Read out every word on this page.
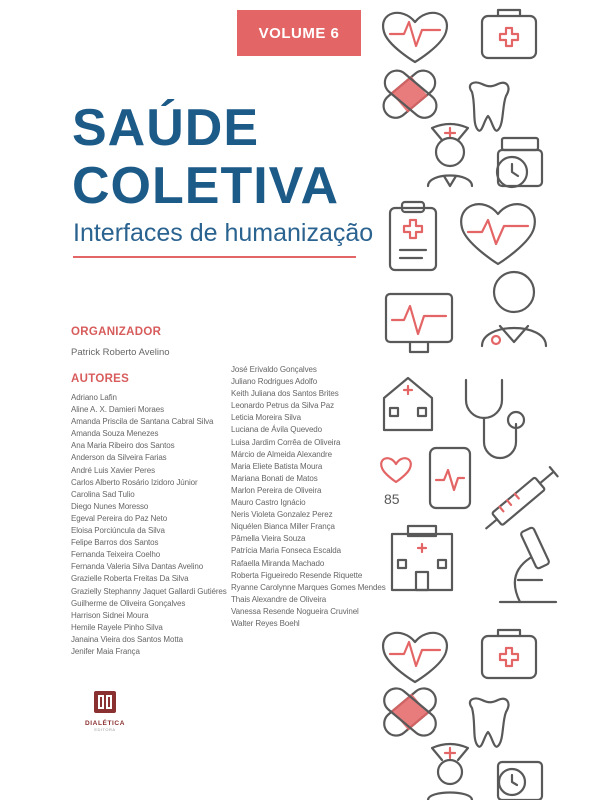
VOLUME 6
SAÚDE
COLETIVA
Interfaces de humanização
ORGANIZADOR
Patrick Roberto Avelino
AUTORES
Adriano Lafin
Aline A. X. Damieri Moraes
Amanda Priscila de Santana Cabral Silva
Amanda Souza Menezes
Ana Maria Ribeiro dos Santos
Anderson da Silveira Farias
André Luis Xavier Peres
Carlos Alberto Rosário Izidoro Júnior
Carolina Sad Tulio
Diego Nunes Moresso
Egeval Pereira do Paz Neto
Eloisa Porciúncula da Silva
Felipe Barros dos Santos
Fernanda Teixeira Coelho
Fernanda Valeria Silva Dantas Avelino
Grazielle Roberta Freitas Da Silva
Grazielly Stephanny Jaquet Gallardi Gutiéres
Guilherme de Oliveira Gonçalves
Harrison Sidnei Moura
Hemile Rayele Pinho Silva
Janaina Vieira dos Santos Motta
Jenifer Maia França
José Erivaldo Gonçalves
Juliano Rodrigues Adolfo
Keith Juliana dos Santos Brites
Leonardo Petrus da Silva Paz
Leticia Moreira Silva
Luciana de Ávila Quevedo
Luisa Jardim Corrêa de Oliveira
Márcio de Almeida Alexandre
Maria Eliete Batista Moura
Mariana Bonati de Matos
Marlon Pereira de Oliveira
Mauro Castro Ignácio
Neris Violeta Gonzalez Perez
Niquélen Bianca Miller França
Pâmella Vieira Souza
Patrícia Maria Fonseca Escalda
Rafaella Miranda Machado
Roberta Figueiredo Resende Riquette
Ryanne Carolynne Marques Gomes Mendes
Thais Alexandre de Oliveira
Vanessa Resende Nogueira Cruvinel
Walter Reyes Boehl
DIALÉTICA
EDITORA
85
